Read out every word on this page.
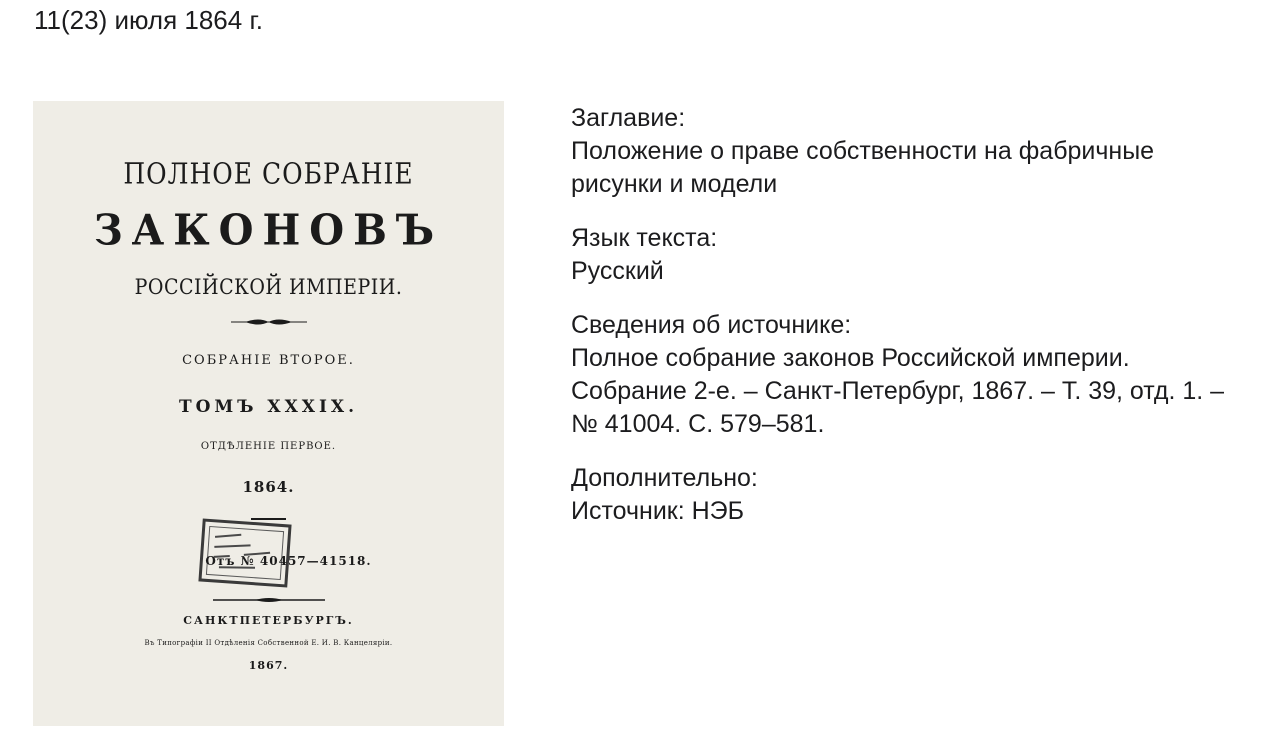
11(23) июля 1864 г.
ПОЛНОЕ СОБРАНІЕ
ЗАКОНОВЪ
РОССІЙСКОЙ ИМПЕРІИ.
СОБРАНІЕ ВТОРОЕ.
ТОМЪ XXXIX.
ОТДѢЛЕНІЕ ПЕРВОЕ.
1864.
Отъ № 40457—41518.
САНКТПЕТЕРБУРГЪ.
Въ Типографіи II Отдѣленія Собственной Е. И. В. Канцеляріи.
1867.
Заглавие:
Положение о праве собственности на фабричные рисунки и модели
Язык текста:
Русский
Сведения об источнике:
Полное собрание законов Российской империи. Собрание 2-е. – Санкт-Петербург, 1867. – Т. 39, отд. 1. – № 41004. С. 579–581.
Дополнительно:
Источник: НЭБ
